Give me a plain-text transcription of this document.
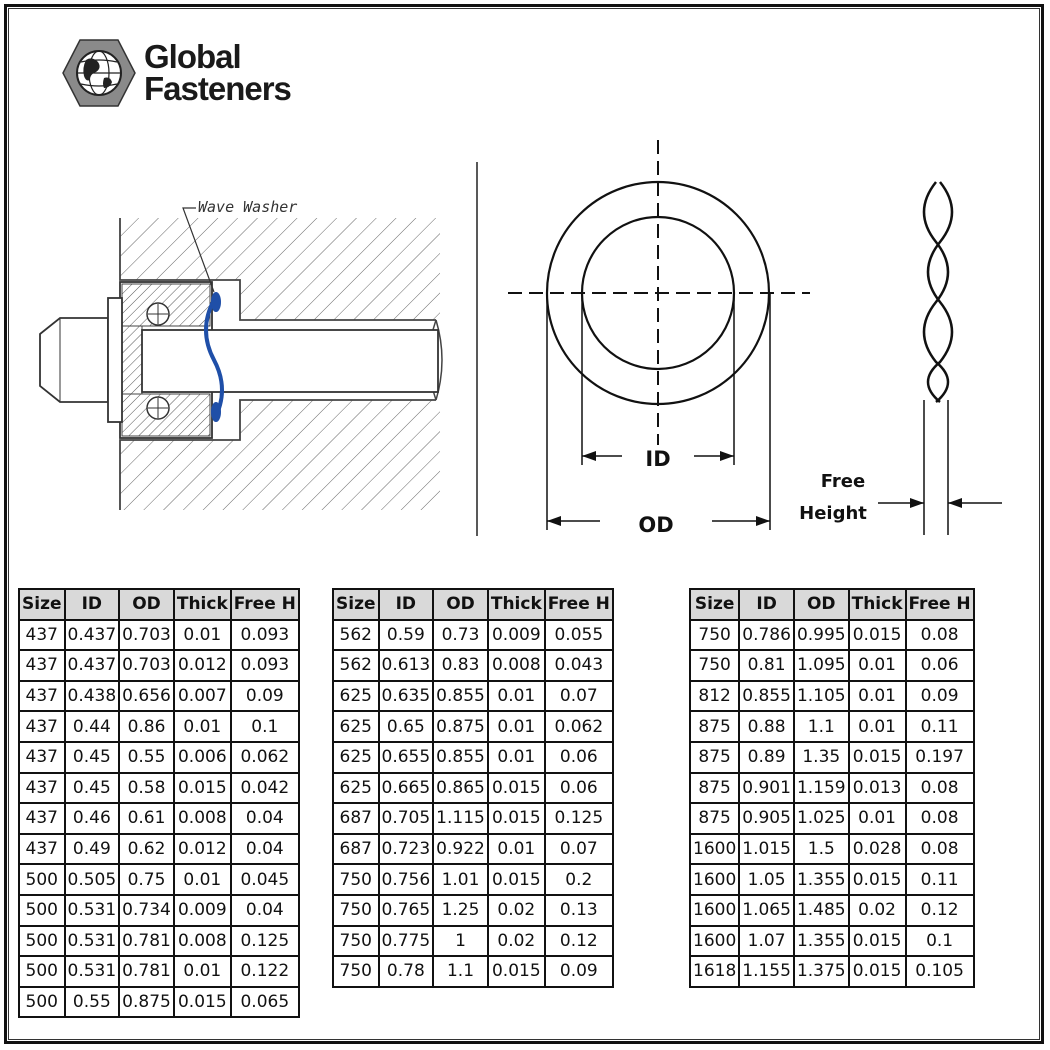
Global
Fasteners
Wave Washer
ID
OD
Free
Height
Size	ID	OD	Thick	Free H
437	0.437	0.703	0.01	0.093
437	0.437	0.703	0.012	0.093
437	0.438	0.656	0.007	0.09
437	0.44	0.86	0.01	0.1
437	0.45	0.55	0.006	0.062
437	0.45	0.58	0.015	0.042
437	0.46	0.61	0.008	0.04
437	0.49	0.62	0.012	0.04
500	0.505	0.75	0.01	0.045
500	0.531	0.734	0.009	0.04
500	0.531	0.781	0.008	0.125
500	0.531	0.781	0.01	0.122
500	0.55	0.875	0.015	0.065
Size	ID	OD	Thick	Free H
562	0.59	0.73	0.009	0.055
562	0.613	0.83	0.008	0.043
625	0.635	0.855	0.01	0.07
625	0.65	0.875	0.01	0.062
625	0.655	0.855	0.01	0.06
625	0.665	0.865	0.015	0.06
687	0.705	1.115	0.015	0.125
687	0.723	0.922	0.01	0.07
750	0.756	1.01	0.015	0.2
750	0.765	1.25	0.02	0.13
750	0.775	1	0.02	0.12
750	0.78	1.1	0.015	0.09
Size	ID	OD	Thick	Free H
750	0.786	0.995	0.015	0.08
750	0.81	1.095	0.01	0.06
812	0.855	1.105	0.01	0.09
875	0.88	1.1	0.01	0.11
875	0.89	1.35	0.015	0.197
875	0.901	1.159	0.013	0.08
875	0.905	1.025	0.01	0.08
1600	1.015	1.5	0.028	0.08
1600	1.05	1.355	0.015	0.11
1600	1.065	1.485	0.02	0.12
1600	1.07	1.355	0.015	0.1
1618	1.155	1.375	0.015	0.105
